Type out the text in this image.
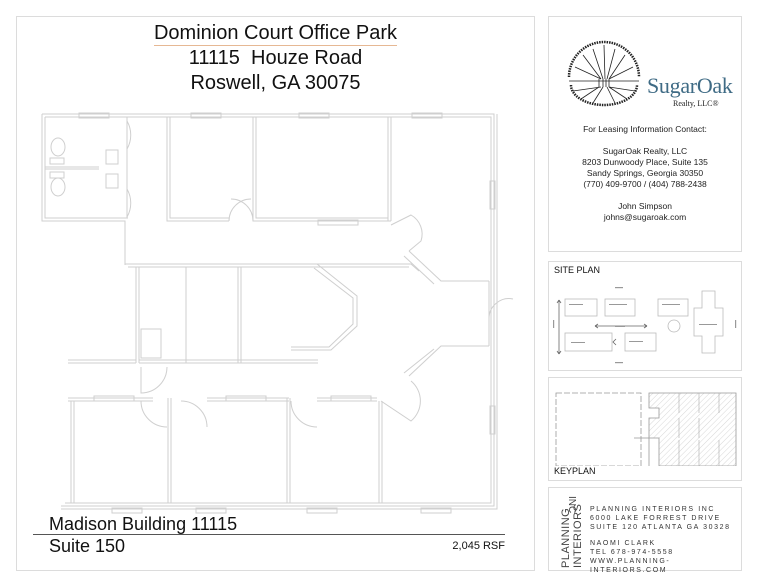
Dominion Court Office Park
11115  Houze Road
Roswell, GA 30075
Madison Building 11115
Suite 150	2,045 RSF
SugarOak
Realty, LLC®
For Leasing Information Contact:
SugarOak Realty, LLC
8203 Dunwoody Place, Suite 135
Sandy Springs, Georgia 30350
(770) 409-9700 / (404) 788-2438
John Simpson
johns@sugaroak.com
SITE PLAN
KEYPLAN
PLANNING INTERIORS
INC PLANNING INTERIORS INC
6000 LAKE FORREST DRIVE
SUITE 120 ATLANTA GA 30328
NAOMI CLARK
TEL 678-974-5558
WWW.PLANNING-INTERIORS.COM
